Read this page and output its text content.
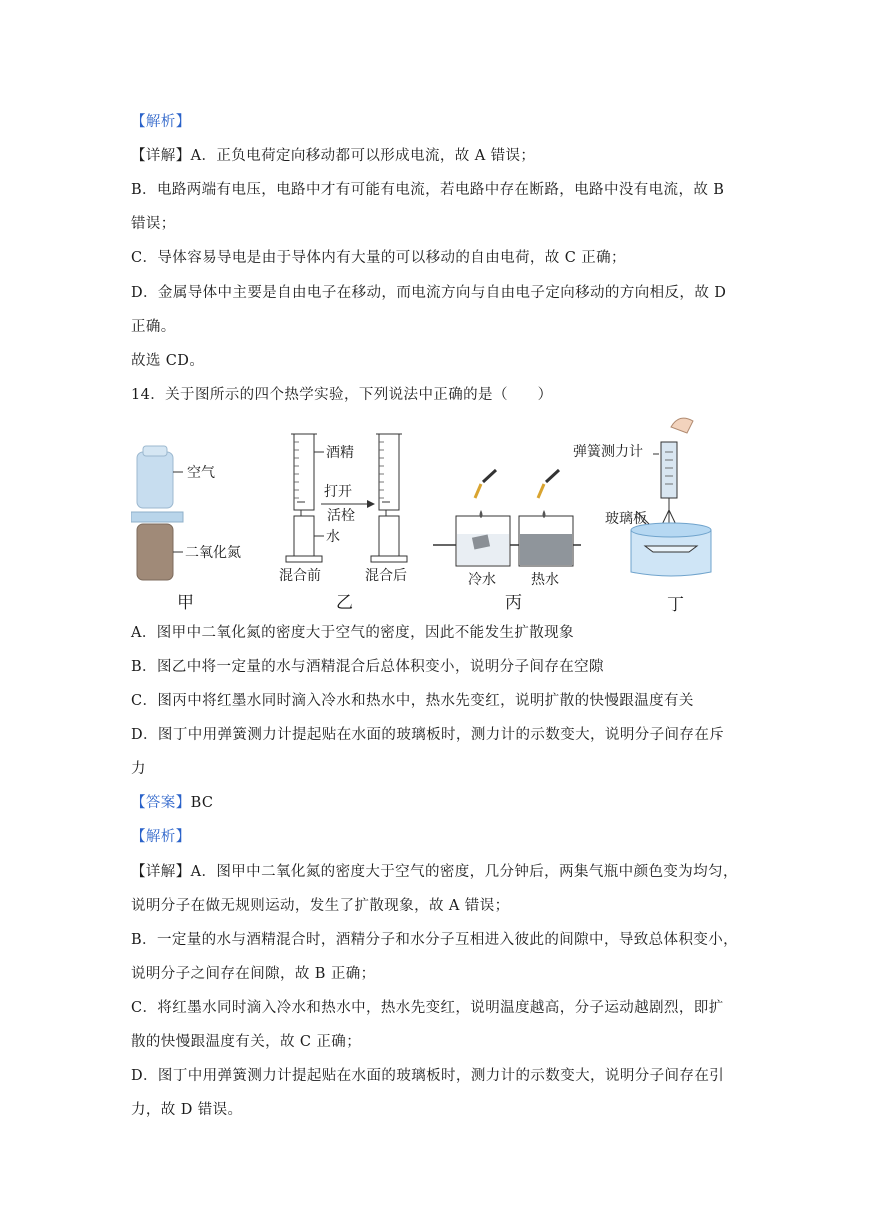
【解析】
【详解】A．正负电荷定向移动都可以形成电流，故 A 错误；
B．电路两端有电压，电路中才有可能有电流，若电路中存在断路，电路中没有电流，故 B
错误；
C．导体容易导电是由于导体内有大量的可以移动的自由电荷，故 C 正确；
D．金属导体中主要是自由电子在移动，而电流方向与自由电子定向移动的方向相反，故 D
正确。
故选 CD。
14．关于图所示的四个热学实验，下列说法中正确的是（　　）
空气
二氧化氮
甲
酒精
水
打开
活栓
混合前	混合后
乙
冷水	热水
丙
弹簧测力计
玻璃板
丁
A．图甲中二氧化氮的密度大于空气的密度，因此不能发生扩散现象
B．图乙中将一定量的水与酒精混合后总体积变小，说明分子间存在空隙
C．图丙中将红墨水同时滴入冷水和热水中，热水先变红，说明扩散的快慢跟温度有关
D．图丁中用弹簧测力计提起贴在水面的玻璃板时，测力计的示数变大，说明分子间存在斥
力
【答案】BC
【解析】
【详解】A．图甲中二氧化氮的密度大于空气的密度，几分钟后，两集气瓶中颜色变为均匀，
说明分子在做无规则运动，发生了扩散现象，故 A 错误；
B．一定量的水与酒精混合时，酒精分子和水分子互相进入彼此的间隙中，导致总体积变小，
说明分子之间存在间隙，故 B 正确；
C．将红墨水同时滴入冷水和热水中，热水先变红，说明温度越高，分子运动越剧烈，即扩
散的快慢跟温度有关，故 C 正确；
D．图丁中用弹簧测力计提起贴在水面的玻璃板时，测力计的示数变大，说明分子间存在引
力，故 D 错误。
